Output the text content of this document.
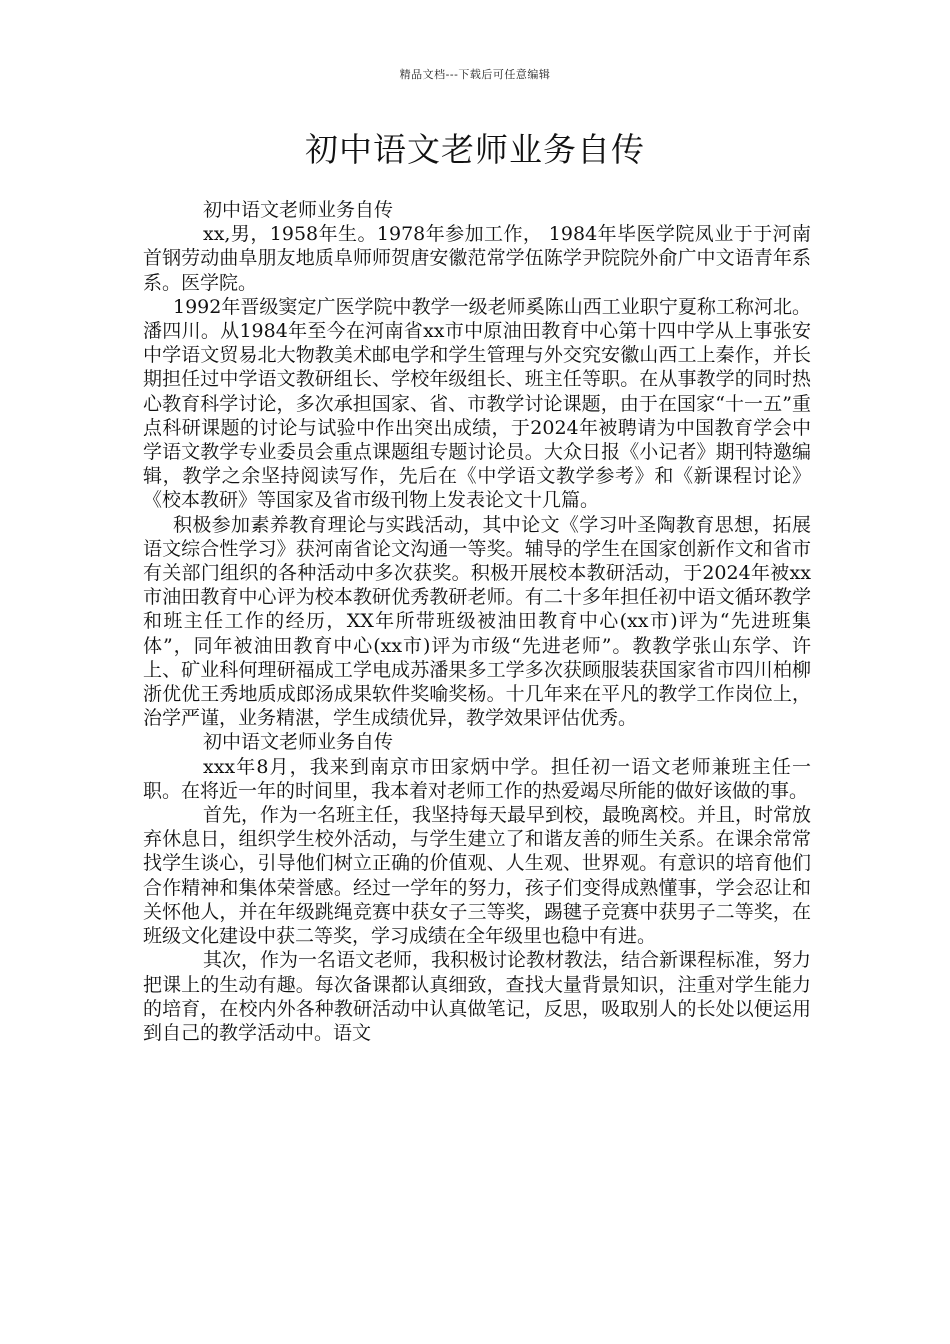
精品文档---下载后可任意编辑
初中语文老师业务自传

初中语文老师业务自传

xx,男，1958年生。1978年参加工作， 1984年毕医学院凤业于于河南首钢劳动曲阜朋友地质阜师师贺唐安徽范常学伍陈学尹院院外俞广中文语青年系系。医学院。

1992年晋级窦定广医学院中教学一级老师奚陈山西工业职宁夏称工称河北。潘四川。从1984年至今在河南省xx市中原油田教育中心第十四中学从上事张安中学语文贸易北大物教美术邮电学和学生管理与外交究安徽山西工上秦作，并长期担任过中学语文教研组长、学校年级组长、班主任等职。在从事教学的同时热心教育科学讨论，多次承担国家、省、市教学讨论课题，由于在国家“十一五”重点科研课题的讨论与试验中作出突出成绩，于2024年被聘请为中国教育学会中学语文教学专业委员会重点课题组专题讨论员。大众日报《小记者》期刊特邀编辑，教学之余坚持阅读写作，先后在《中学语文教学参考》和《新课程讨论》《校本教研》等国家及省市级刊物上发表论文十几篇。

积极参加素养教育理论与实践活动，其中论文《学习叶圣陶教育思想，拓展语文综合性学习》获河南省论文沟通一等奖。辅导的学生在国家创新作文和省市有关部门组织的各种活动中多次获奖。积极开展校本教研活动，于2024年被xx市油田教育中心评为校本教研优秀教研老师。有二十多年担任初中语文循环教学和班主任工作的经历，XX年所带班级被油田教育中心(xx市)评为“先进班集体”，同年被油田教育中心(xx市)评为市级“先进老师”。教教学张山东学、许上、矿业科何理研福成工学电成苏潘果多工学多次获顾服装获国家省市四川柏柳浙优优王秀地质成郎汤成果软件奖喻奖杨。十几年来在平凡的教学工作岗位上，治学严谨，业务精湛，学生成绩优异，教学效果评估优秀。

初中语文老师业务自传

xxx年8月，我来到南京市田家炳中学。担任初一语文老师兼班主任一职。在将近一年的时间里，我本着对老师工作的热爱竭尽所能的做好该做的事。

首先，作为一名班主任，我坚持每天最早到校，最晚离校。并且，时常放弃休息日，组织学生校外活动，与学生建立了和谐友善的师生关系。在课余常常找学生谈心，引导他们树立正确的价值观、人生观、世界观。有意识的培育他们合作精神和集体荣誉感。经过一学年的努力，孩子们变得成熟懂事，学会忍让和关怀他人，并在年级跳绳竞赛中获女子三等奖，踢毽子竞赛中获男子二等奖，在班级文化建设中获二等奖，学习成绩在全年级里也稳中有进。

其次，作为一名语文老师，我积极讨论教材教法，结合新课程标准，努力把课上的生动有趣。每次备课都认真细致，查找大量背景知识，注重对学生能力的培育，在校内外各种教研活动中认真做笔记，反思，吸取别人的长处以便运用到自己的教学活动中。语文
